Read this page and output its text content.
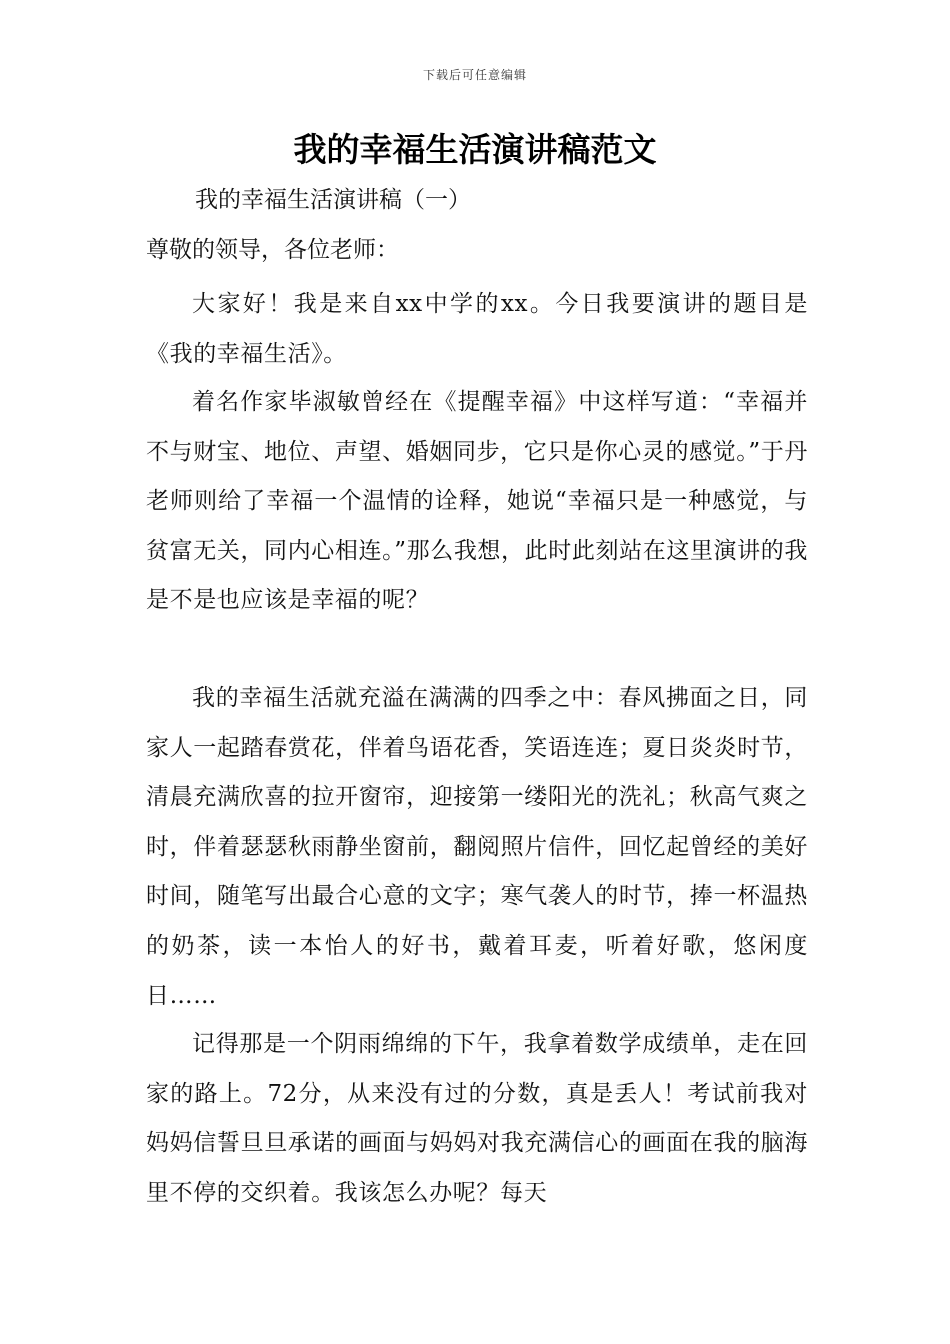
下载后可任意编辑
我的幸福生活演讲稿范文
我的幸福生活演讲稿（一）
尊敬的领导，各位老师：

大家好！我是来自xx中学的xx。今日我要演讲的题目是《我的幸福生活》。

着名作家毕淑敏曾经在《提醒幸福》中这样写道：“幸福并不与财宝、地位、声望、婚姻同步，它只是你心灵的感觉。”于丹老师则给了幸福一个温情的诠释，她说“幸福只是一种感觉，与贫富无关，同内心相连。”那么我想，此时此刻站在这里演讲的我是不是也应该是幸福的呢？

我的幸福生活就充溢在满满的四季之中：春风拂面之日，同家人一起踏春赏花，伴着鸟语花香，笑语连连；夏日炎炎时节，清晨充满欣喜的拉开窗帘，迎接第一缕阳光的洗礼；秋高气爽之时，伴着瑟瑟秋雨静坐窗前，翻阅照片信件，回忆起曾经的美好时间，随笔写出最合心意的文字；寒气袭人的时节，捧一杯温热的奶茶，读一本怡人的好书，戴着耳麦，听着好歌，悠闲度日……

记得那是一个阴雨绵绵的下午，我拿着数学成绩单，走在回家的路上。72分，从来没有过的分数，真是丢人！考试前我对妈妈信誓旦旦承诺的画面与妈妈对我充满信心的画面在我的脑海里不停的交织着。我该怎么办呢？每天
